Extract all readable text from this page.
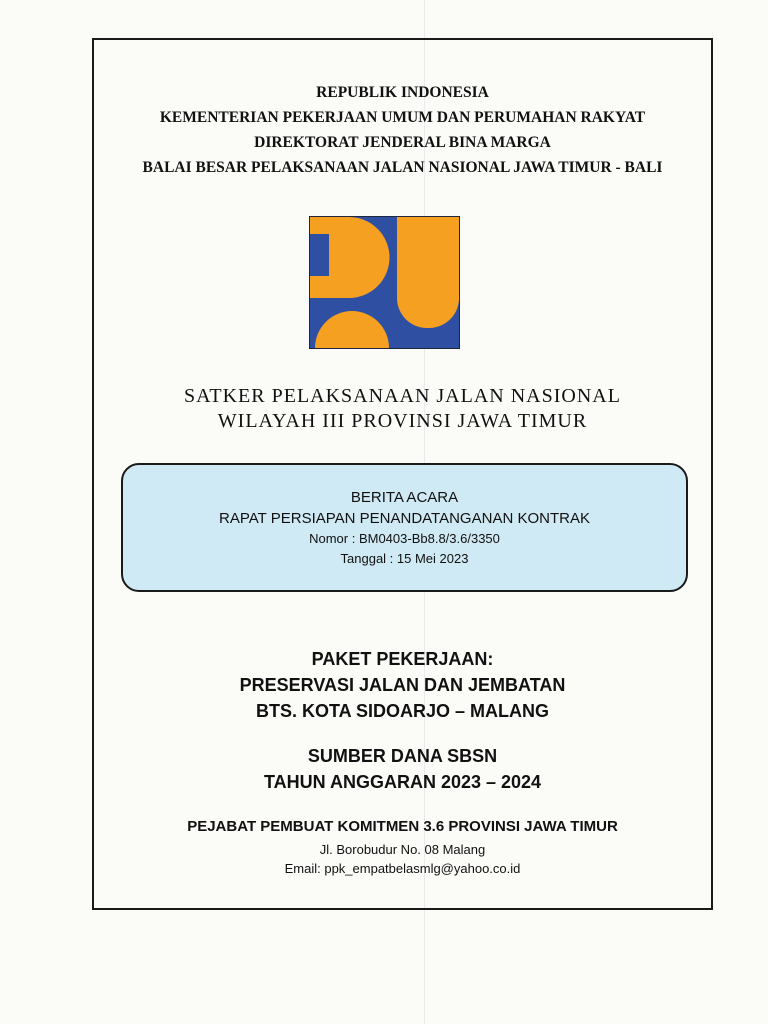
REPUBLIK INDONESIA
KEMENTERIAN PEKERJAAN UMUM DAN PERUMAHAN RAKYAT
DIREKTORAT JENDERAL BINA MARGA
BALAI BESAR PELAKSANAAN JALAN NASIONAL JAWA TIMUR - BALI
SATKER PELAKSANAAN JALAN NASIONAL
WILAYAH III PROVINSI JAWA TIMUR
BERITA ACARA
RAPAT PERSIAPAN PENANDATANGANAN KONTRAK
Nomor : BM0403-Bb8.8/3.6/3350
Tanggal : 15 Mei 2023
PAKET PEKERJAAN:
PRESERVASI JALAN DAN JEMBATAN
BTS. KOTA SIDOARJO – MALANG
SUMBER DANA SBSN
TAHUN ANGGARAN 2023 – 2024
PEJABAT PEMBUAT KOMITMEN 3.6 PROVINSI JAWA TIMUR
Jl. Borobudur No. 08 Malang
Email: ppk_empatbelasmlg@yahoo.co.id
